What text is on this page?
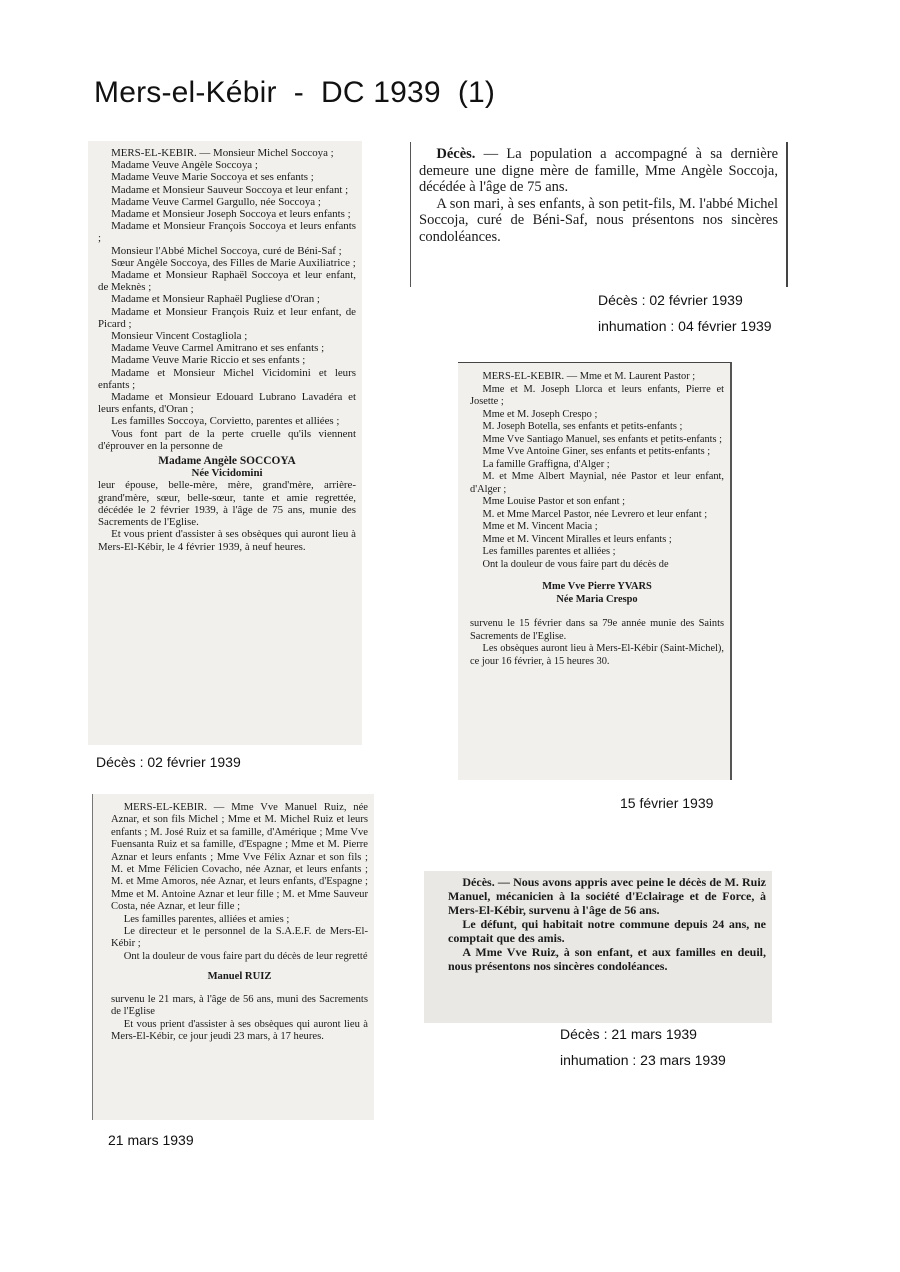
Mers-el-Kébir  -  DC 1939  (1)

MERS-EL-KEBIR. — Monsieur Michel Soccoya ;

Madame Veuve Angèle Soccoya ;

Madame Veuve Marie Soccoya et ses enfants ;

Madame et Monsieur Sauveur Soccoya et leur enfant ;

Madame Veuve Carmel Gargullo, née Soccoya ;

Madame et Monsieur Joseph Soccoya et leurs enfants ;

Madame et Monsieur François Soccoya et leurs enfants ;

Monsieur l'Abbé Michel Soccoya, curé de Béni-Saf ;

Sœur Angèle Soccoya, des Filles de Marie Auxiliatrice ;

Madame et Monsieur Raphaël Soccoya et leur enfant, de Meknès ;

Madame et Monsieur Raphaël Pugliese d'Oran ;

Madame et Monsieur François Ruiz et leur enfant, de Picard ;

Monsieur Vincent Costagliola ;

Madame Veuve Carmel Amitrano et ses enfants ;

Madame Veuve Marie Riccio et ses enfants ;

Madame et Monsieur Michel Vicidomini et leurs enfants ;

Madame et Monsieur Edouard Lubrano Lavadéra et leurs enfants, d'Oran ;

Les familles Soccoya, Corvietto, parentes et alliées ;

Vous font part de la perte cruelle qu'ils viennent d'éprouver en la personne de

Madame Angèle SOCCOYA

Née Vicidomini

leur épouse, belle-mère, mère, grand'mère, arrière-grand'mère, sœur, belle-sœur, tante et amie regrettée, décédée le 2 février 1939, à l'âge de 75 ans, munie des Sacrements de l'Eglise.

Et vous prient d'assister à ses obsèques qui auront lieu à Mers-El-Kébir, le 4 février 1939, à neuf heures.

Décès : 02 février 1939

Décès. — La population a accompagné à sa dernière demeure une digne mère de famille, Mme Angèle Soccoja, décédée à l'âge de 75 ans.

A son mari, à ses enfants, à son petit-fils, M. l'abbé Michel Soccoja, curé de Béni-Saf, nous présentons nos sincères condoléances.

Décès : 02 février 1939
inhumation : 04 février 1939

MERS-EL-KEBIR. — Mme et M. Laurent Pastor ;

Mme et M. Joseph Llorca et leurs enfants, Pierre et Josette ;

Mme et M. Joseph Crespo ;

M. Joseph Botella, ses enfants et petits-enfants ;

Mme Vve Santiago Manuel, ses enfants et petits-enfants ;

Mme Vve Antoine Giner, ses enfants et petits-enfants ;

La famille Graffigna, d'Alger ;

M. et Mme Albert Maynial, née Pastor et leur enfant, d'Alger ;

Mme Louise Pastor et son enfant ;

M. et Mme Marcel Pastor, née Levrero et leur enfant ;

Mme et M. Vincent Macia ;

Mme et M. Vincent Miralles et leurs enfants ;

Les familles parentes et alliées ;

Ont la douleur de vous faire part du décès de

Mme Vve Pierre YVARS

Née Maria Crespo

survenu le 15 février dans sa 79e année munie des Saints Sacrements de l'Eglise.

Les obsèques auront lieu à Mers-El-Kébir (Saint-Michel), ce jour 16 février, à 15 heures 30.

15 février 1939

MERS-EL-KEBIR. — Mme Vve Manuel Ruiz, née Aznar, et son fils Michel ; Mme et M. Michel Ruiz et leurs enfants ; M. José Ruiz et sa famille, d'Amérique ; Mme Vve Fuensanta Ruiz et sa famille, d'Espagne ; Mme et M. Pierre Aznar et leurs enfants ; Mme Vve Félix Aznar et son fils ; M. et Mme Félicien Covacho, née Aznar, et leurs enfants ; M. et Mme Amoros, née Aznar, et leurs enfants, d'Espagne ; Mme et M. Antoine Aznar et leur fille ; M. et Mme Sauveur Costa, née Aznar, et leur fille ;

Les familles parentes, alliées et amies ;

Le directeur et le personnel de la S.A.E.F. de Mers-El-Kébir ;

Ont la douleur de vous faire part du décès de leur regretté

Manuel RUIZ

survenu le 21 mars, à l'âge de 56 ans, muni des Sacrements de l'Eglise

Et vous prient d'assister à ses obsèques qui auront lieu à Mers-El-Kébir, ce jour jeudi 23 mars, à 17 heures.

21 mars 1939

Décès. — Nous avons appris avec peine le décès de M. Ruiz Manuel, mécanicien à la société d'Eclairage et de Force, à Mers-El-Kébir, survenu à l'âge de 56 ans.

Le défunt, qui habitait notre commune depuis 24 ans, ne comptait que des amis.

A Mme Vve Ruiz, à son enfant, et aux familles en deuil, nous présentons nos sincères condoléances.

Décès : 21 mars 1939
inhumation : 23 mars 1939
